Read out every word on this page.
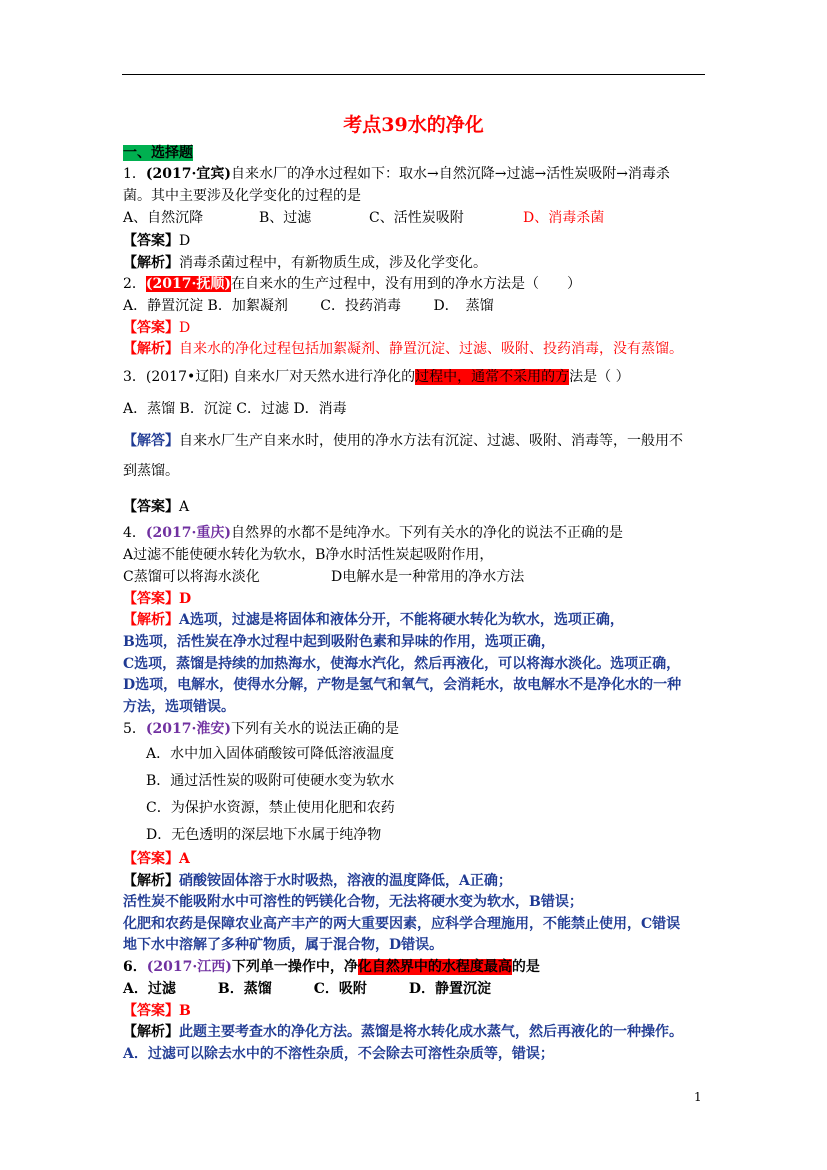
考点39水的净化
一、选择题
1．(2017·宜宾)自来水厂的净水过程如下：取水→自然沉降→过滤→活性炭吸附→消毒杀
菌。其中主要涉及化学变化的过程的是
A、自然沉降	B、过滤	C、活性炭吸附	D、消毒杀菌
【答案】D
【解析】消毒杀菌过程中，有新物质生成，涉及化学变化。
2．(2017·抚顺)在自来水的生产过程中，没有用到的净水方法是（　　）
A．静置沉淀 B．加絮凝剂　　 C．投药消毒　　 D．　蒸馏
【答案】D
【解析】自来水的净化过程包括加絮凝剂、静置沉淀、过滤、吸附、投药消毒，没有蒸馏。
3．(2017•辽阳) 自来水厂对天然水进行净化的过程中，通常不采用的方法是（ ）
A．蒸馏 B．沉淀 C．过滤 D．消毒
【解答】自来水厂生产自来水时，使用的净水方法有沉淀、过滤、吸附、消毒等，一般用不
到蒸馏。
【答案】A
4．(2017·重庆)自然界的水都不是纯净水。下列有关水的净化的说法不正确的是
A过滤不能使硬水转化为软水，B净水时活性炭起吸附作用，
C蒸馏可以将海水淡化	D电解水是一种常用的净水方法
【答案】D
【解析】A选项，过滤是将固体和液体分开，不能将硬水转化为软水，选项正确，
B选项，活性炭在净水过程中起到吸附色素和异味的作用，选项正确，
C选项，蒸馏是持续的加热海水，使海水汽化，然后再液化，可以将海水淡化。选项正确，
D选项，电解水，使得水分解，产物是氢气和氧气，会消耗水，故电解水不是净化水的一种
方法，选项错误。
5．(2017·淮安)下列有关水的说法正确的是
A．水中加入固体硝酸铵可降低溶液温度
B．通过活性炭的吸附可使硬水变为软水
C．为保护水资源，禁止使用化肥和农药
D．无色透明的深层地下水属于纯净物
【答案】A
【解析】硝酸铵固体溶于水时吸热，溶液的温度降低，A正确；
活性炭不能吸附水中可溶性的钙镁化合物，无法将硬水变为软水，B错误；
化肥和农药是保障农业高产丰产的两大重要因素，应科学合理施用，不能禁止使用，C错误
地下水中溶解了多种矿物质，属于混合物，D错误。
6．(2017·江西)下列单一操作中，净化自然界中的水程度最高的是
A．过滤　　　B．蒸馏　　　C．吸附　　　D．静置沉淀
【答案】B
【解析】此题主要考查水的净化方法。蒸馏是将水转化成水蒸气，然后再液化的一种操作。
A．过滤可以除去水中的不溶性杂质，不会除去可溶性杂质等，错误；
1
